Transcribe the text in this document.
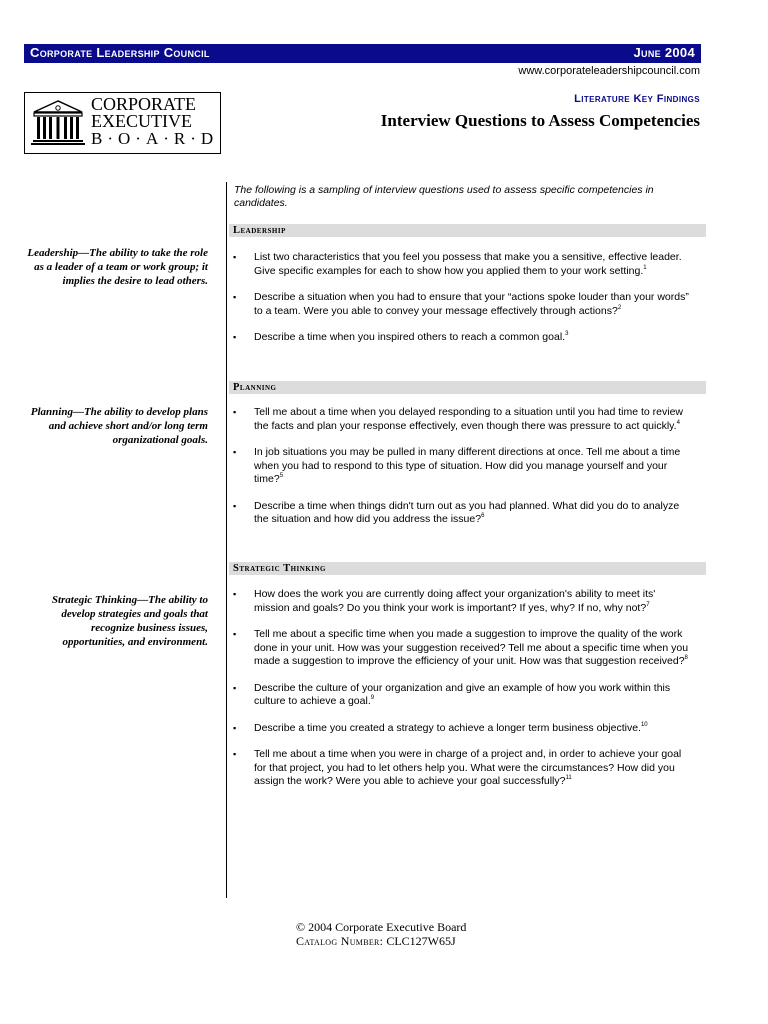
Corporate Leadership Council	June 2004
www.corporateleadershipcouncil.com
CORPORATE
EXECUTIVE
B·O·A·R·D
Literature Key Findings
Interview Questions to Assess Competencies
The following is a sampling of interview questions used to assess specific competencies in candidates.
Leadership
Leadership—The ability to take the role as a leader of a team or work group; it implies the desire to lead others.
▪ List two characteristics that you feel you possess that make you a sensitive, effective leader. Give specific examples for each to show how you applied them to your work setting.$^1$
▪ Describe a situation when you had to ensure that your “actions spoke louder than your words” to a team. Were you able to convey your message effectively through actions?$^2$
▪ Describe a time when you inspired others to reach a common goal.$^3$
Planning
Planning—The ability to develop plans and achieve short and/or long term organizational goals.
▪ Tell me about a time when you delayed responding to a situation until you had time to review the facts and plan your response effectively, even though there was pressure to act quickly.$^4$
▪ In job situations you may be pulled in many different directions at once. Tell me about a time when you had to respond to this type of situation. How did you manage yourself and your time?$^5$
▪ Describe a time when things didn't turn out as you had planned. What did you do to analyze the situation and how did you address the issue?$^6$
Strategic Thinking
Strategic Thinking—The ability to develop strategies and goals that recognize business issues, opportunities, and environment.
▪ How does the work you are currently doing affect your organization's ability to meet its' mission and goals? Do you think your work is important? If yes, why? If no, why not?$^7$
▪ Tell me about a specific time when you made a suggestion to improve the quality of the work done in your unit. How was your suggestion received? Tell me about a specific time when you made a suggestion to improve the efficiency of your unit. How was that suggestion received?$^8$
▪ Describe the culture of your organization and give an example of how you work within this culture to achieve a goal.$^9$
▪ Describe a time you created a strategy to achieve a longer term business objective.$^{10}$
▪ Tell me about a time when you were in charge of a project and, in order to achieve your goal for that project, you had to let others help you. What were the circumstances? How did you assign the work? Were you able to achieve your goal successfully?$^{11}$
© 2004 Corporate Executive Board
Catalog Number: CLC127W65J
